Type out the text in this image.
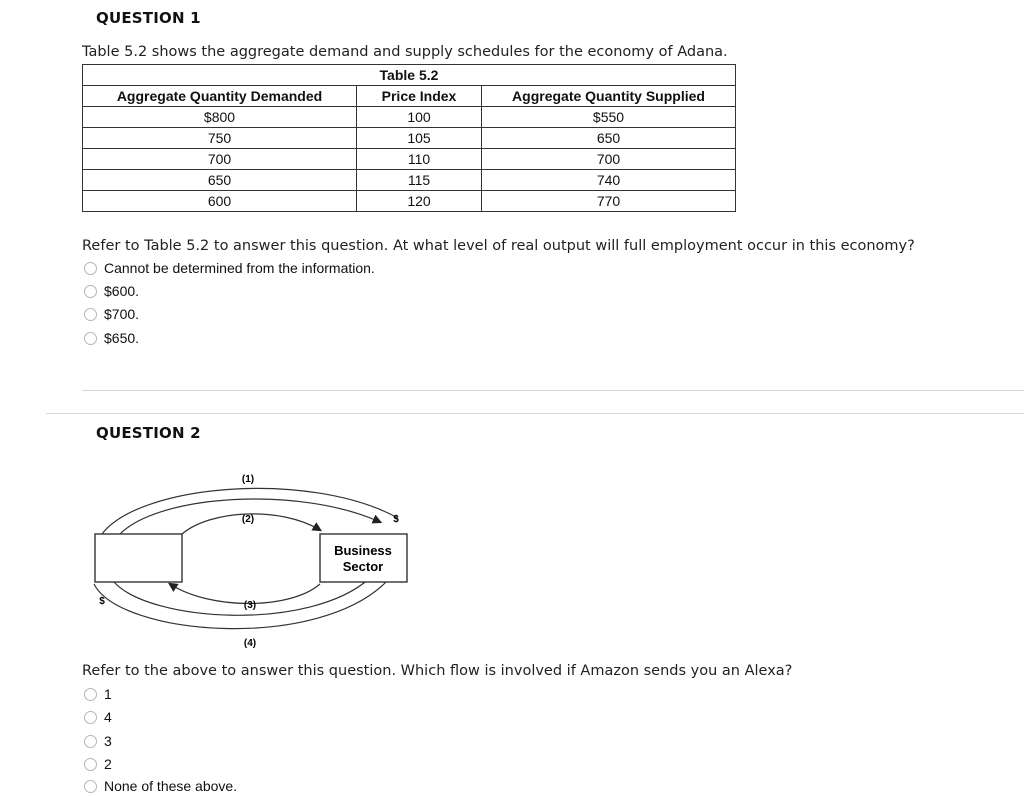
QUESTION 1
Table 5.2 shows the aggregate demand and supply schedules for the economy of Adana.
Table 5.2		
Aggregate Quantity Demanded	Price Index	Aggregate Quantity Supplied
$800	100	$550
750	105	650
700	110	700
650	115	740
600	120	770
Refer to Table 5.2 to answer this question. At what level of real output will full employment occur in this economy?
Cannot be determined from the information.
$600.
$700.
$650.
QUESTION 2
Business
Sector
(1)
(2)
(3)
(4)
$
$
Refer to the above to answer this question. Which flow is involved if Amazon sends you an Alexa?
1
4
3
2
None of these above.
